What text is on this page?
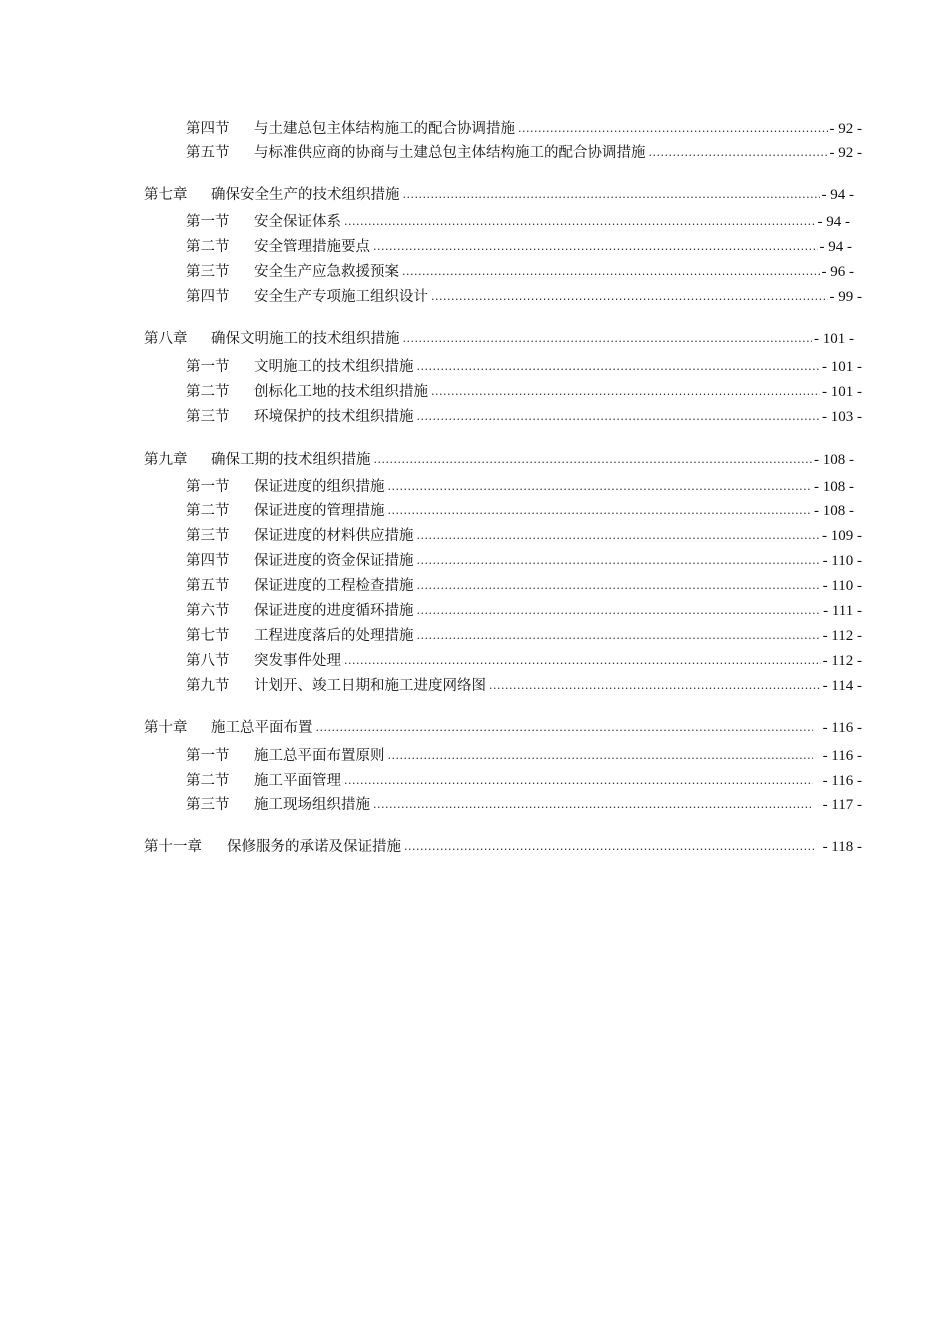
第四节	与土建总包主体结构施工的配合协调措施 .....	- 92 -
第五节	与标准供应商的协商与土建总包主体结构施工的配合协调措施 .....	- 92 -
第七章	确保安全生产的技术组织措施 .....	- 94 -
第一节	安全保证体系 .....	- 94 -
第二节	安全管理措施要点 .....	- 94 -
第三节	安全生产应急救援预案 .....	- 96 -
第四节	安全生产专项施工组织设计 .....	- 99 -
第八章	确保文明施工的技术组织措施 .....	- 101 -
第一节	文明施工的技术组织措施 .....	- 101 -
第二节	创标化工地的技术组织措施 .....	- 101 -
第三节	环境保护的技术组织措施 .....	- 103 -
第九章	确保工期的技术组织措施 .....	- 108 -
第一节	保证进度的组织措施 .....	- 108 -
第二节	保证进度的管理措施 .....	- 108 -
第三节	保证进度的材料供应措施 .....	- 109 -
第四节	保证进度的资金保证措施 .....	- 110 -
第五节	保证进度的工程检查措施 .....	- 110 -
第六节	保证进度的进度循环措施 .....	- 111 -
第七节	工程进度落后的处理措施 .....	- 112 -
第八节	突发事件处理 .....	- 112 -
第九节	计划开、竣工日期和施工进度网络图 .....	- 114 -
第十章	施工总平面布置 .....	- 116 -
第一节	施工总平面布置原则 .....	- 116 -
第二节	施工平面管理 .....	- 116 -
第三节	施工现场组织措施 .....	- 117 -
第十一章	保修服务的承诺及保证措施 .....	- 118 -
